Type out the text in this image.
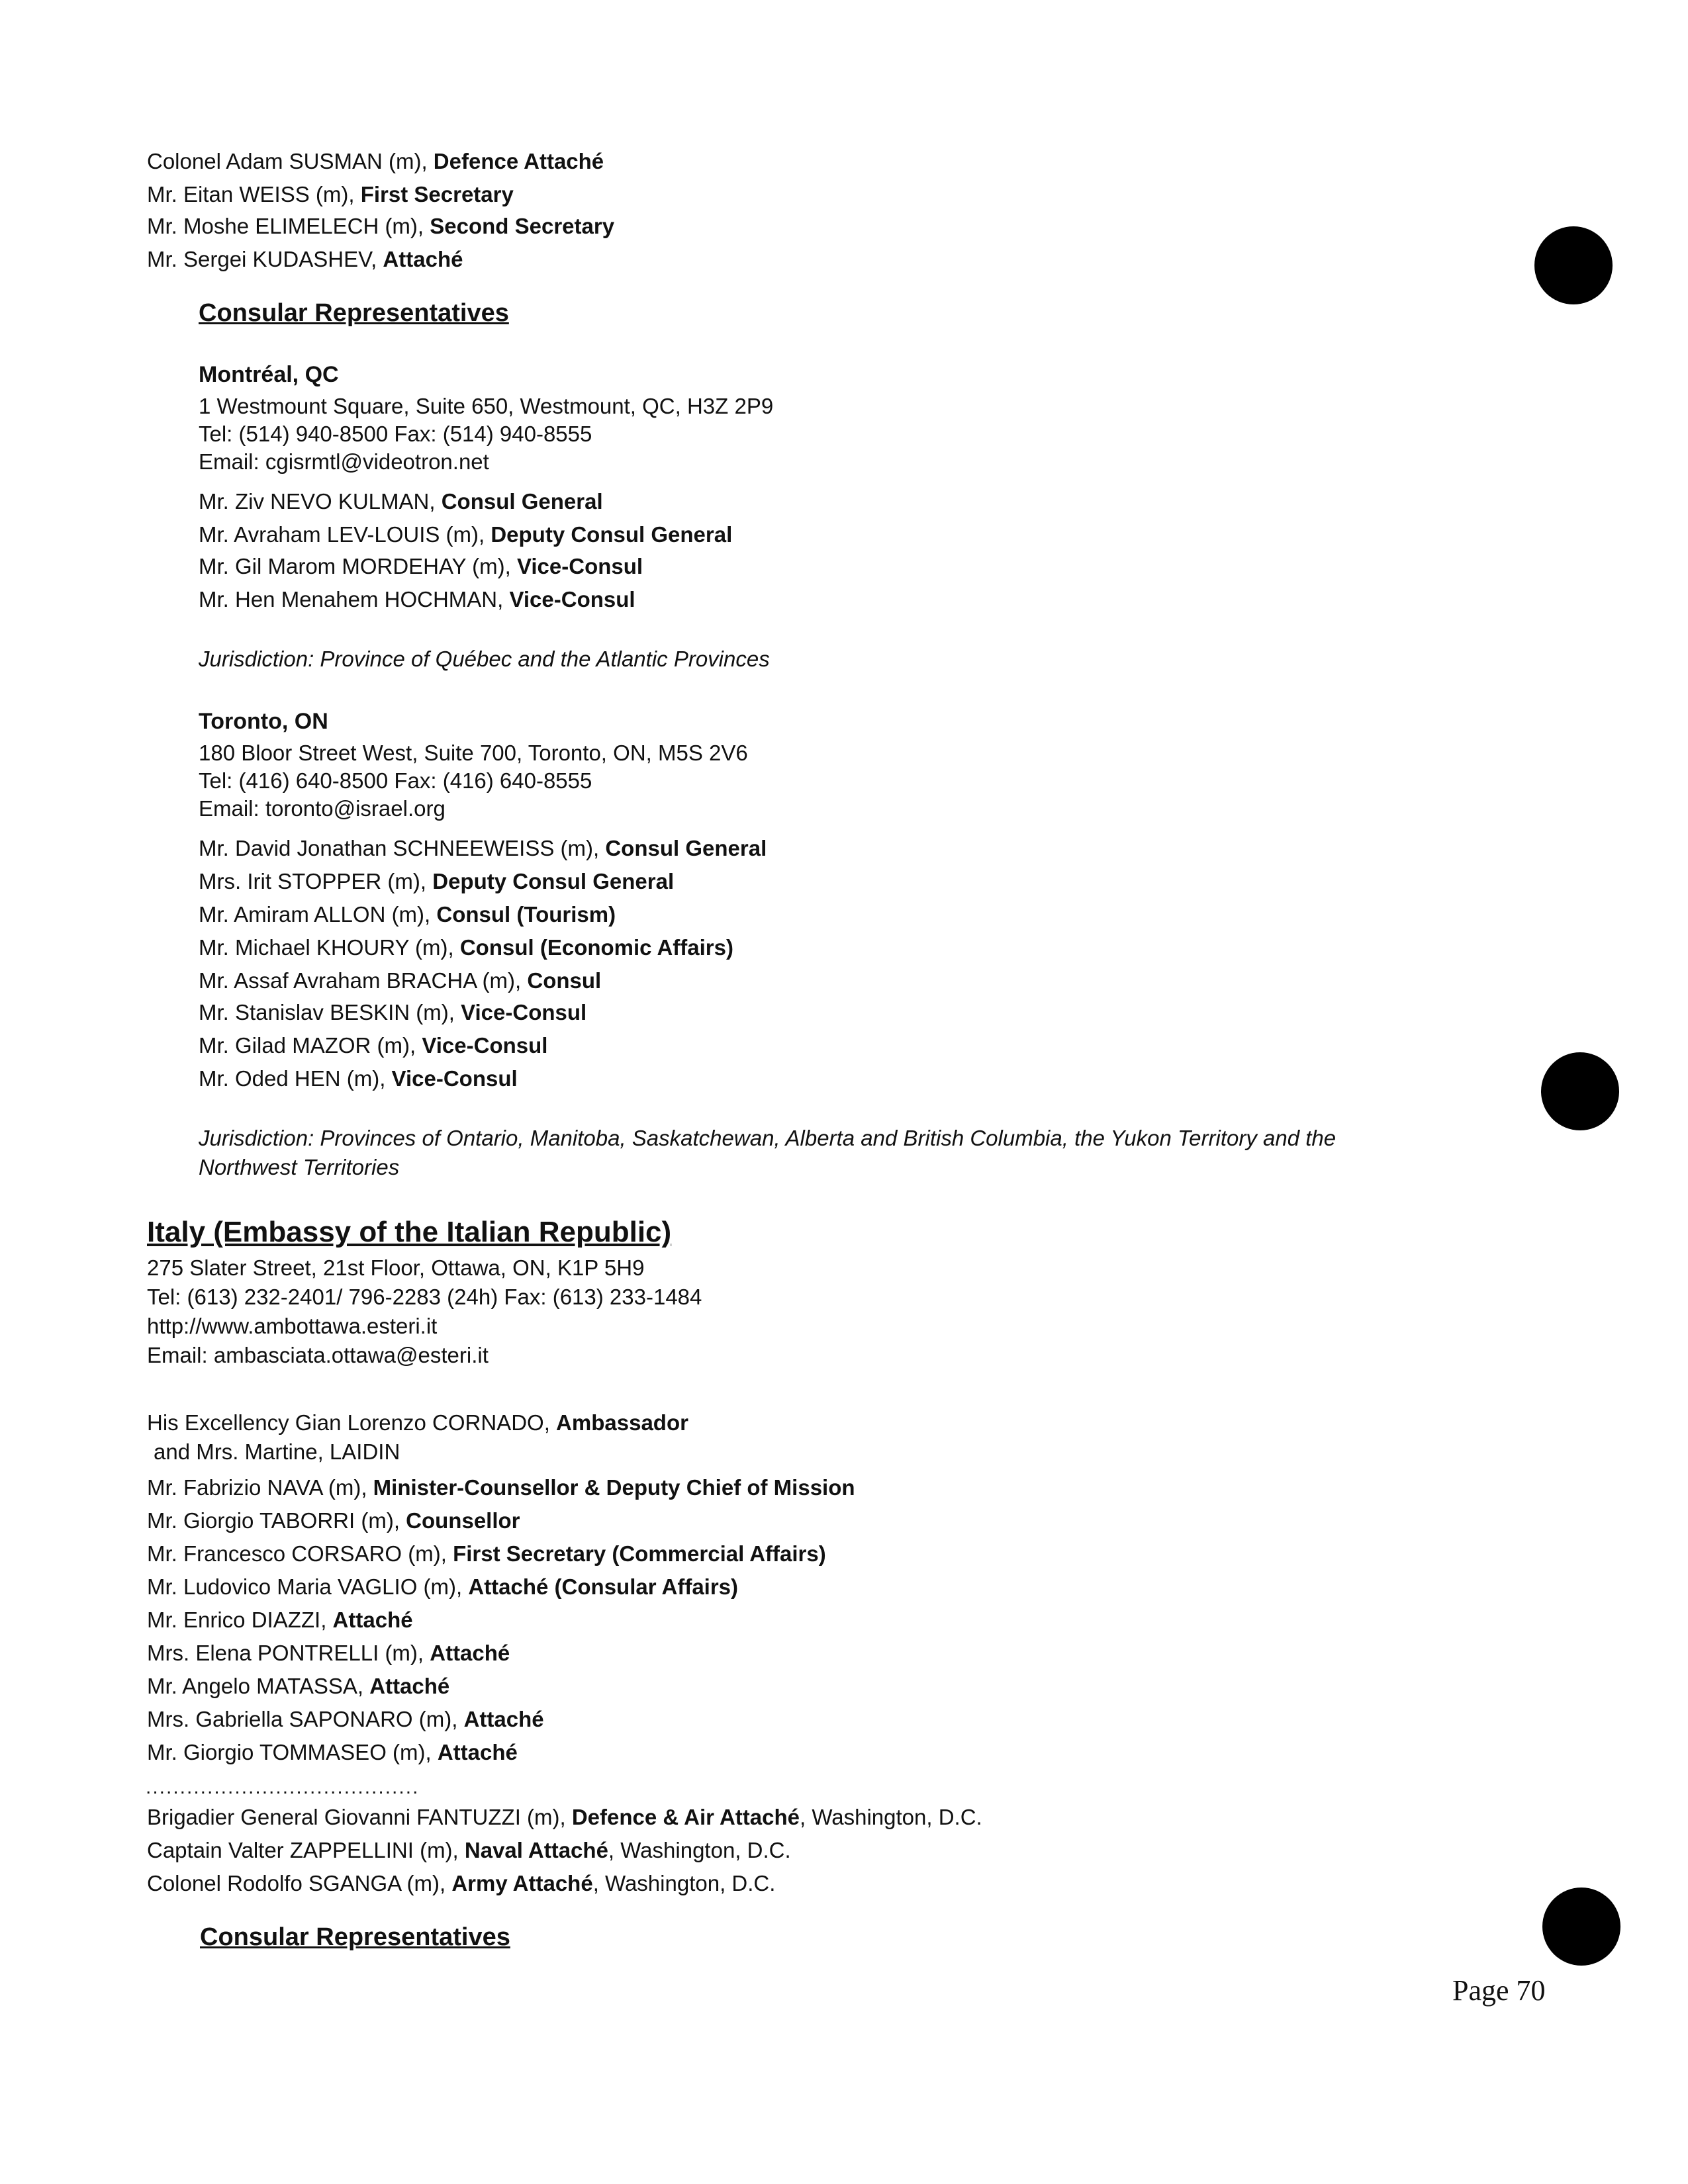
Colonel Adam SUSMAN (m), Defence Attaché
Mr. Eitan WEISS (m), First Secretary
Mr. Moshe ELIMELECH (m), Second Secretary
Mr. Sergei KUDASHEV, Attaché
Consular Representatives
Montréal, QC
1 Westmount Square, Suite 650, Westmount, QC, H3Z 2P9
Tel: (514) 940-8500 Fax: (514) 940-8555
Email: cgisrmtl@videotron.net
Mr. Ziv NEVO KULMAN, Consul General
Mr. Avraham LEV-LOUIS (m), Deputy Consul General
Mr. Gil Marom MORDEHAY (m), Vice-Consul
Mr. Hen Menahem HOCHMAN, Vice-Consul
Jurisdiction: Province of Québec and the Atlantic Provinces
Toronto, ON
180 Bloor Street West, Suite 700, Toronto, ON, M5S 2V6
Tel: (416) 640-8500 Fax: (416) 640-8555
Email: toronto@israel.org
Mr. David Jonathan SCHNEEWEISS (m), Consul General
Mrs. Irit STOPPER (m), Deputy Consul General
Mr. Amiram ALLON (m), Consul (Tourism)
Mr. Michael KHOURY (m), Consul (Economic Affairs)
Mr. Assaf Avraham BRACHA (m), Consul
Mr. Stanislav BESKIN (m), Vice-Consul
Mr. Gilad MAZOR (m), Vice-Consul
Mr. Oded HEN (m), Vice-Consul
Jurisdiction: Provinces of Ontario, Manitoba, Saskatchewan, Alberta and British Columbia, the Yukon Territory and the
Northwest Territories
Italy (Embassy of the Italian Republic)
275 Slater Street, 21st Floor, Ottawa, ON, K1P 5H9
Tel: (613) 232-2401/ 796-2283 (24h) Fax: (613) 233-1484
http://www.ambottawa.esteri.it
Email: ambasciata.ottawa@esteri.it
His Excellency Gian Lorenzo CORNADO, Ambassador
and Mrs. Martine, LAIDIN
Mr. Fabrizio NAVA (m), Minister-Counsellor & Deputy Chief of Mission
Mr. Giorgio TABORRI (m), Counsellor
Mr. Francesco CORSARO (m), First Secretary (Commercial Affairs)
Mr. Ludovico Maria VAGLIO (m), Attaché (Consular Affairs)
Mr. Enrico DIAZZI, Attaché
Mrs. Elena PONTRELLI (m), Attaché
Mr. Angelo MATASSA, Attaché
Mrs. Gabriella SAPONARO (m), Attaché
Mr. Giorgio TOMMASEO (m), Attaché
........................................
Brigadier General Giovanni FANTUZZI (m), Defence & Air Attaché, Washington, D.C.
Captain Valter ZAPPELLINI (m), Naval Attaché, Washington, D.C.
Colonel Rodolfo SGANGA (m), Army Attaché, Washington, D.C.
Consular Representatives
Page 70
